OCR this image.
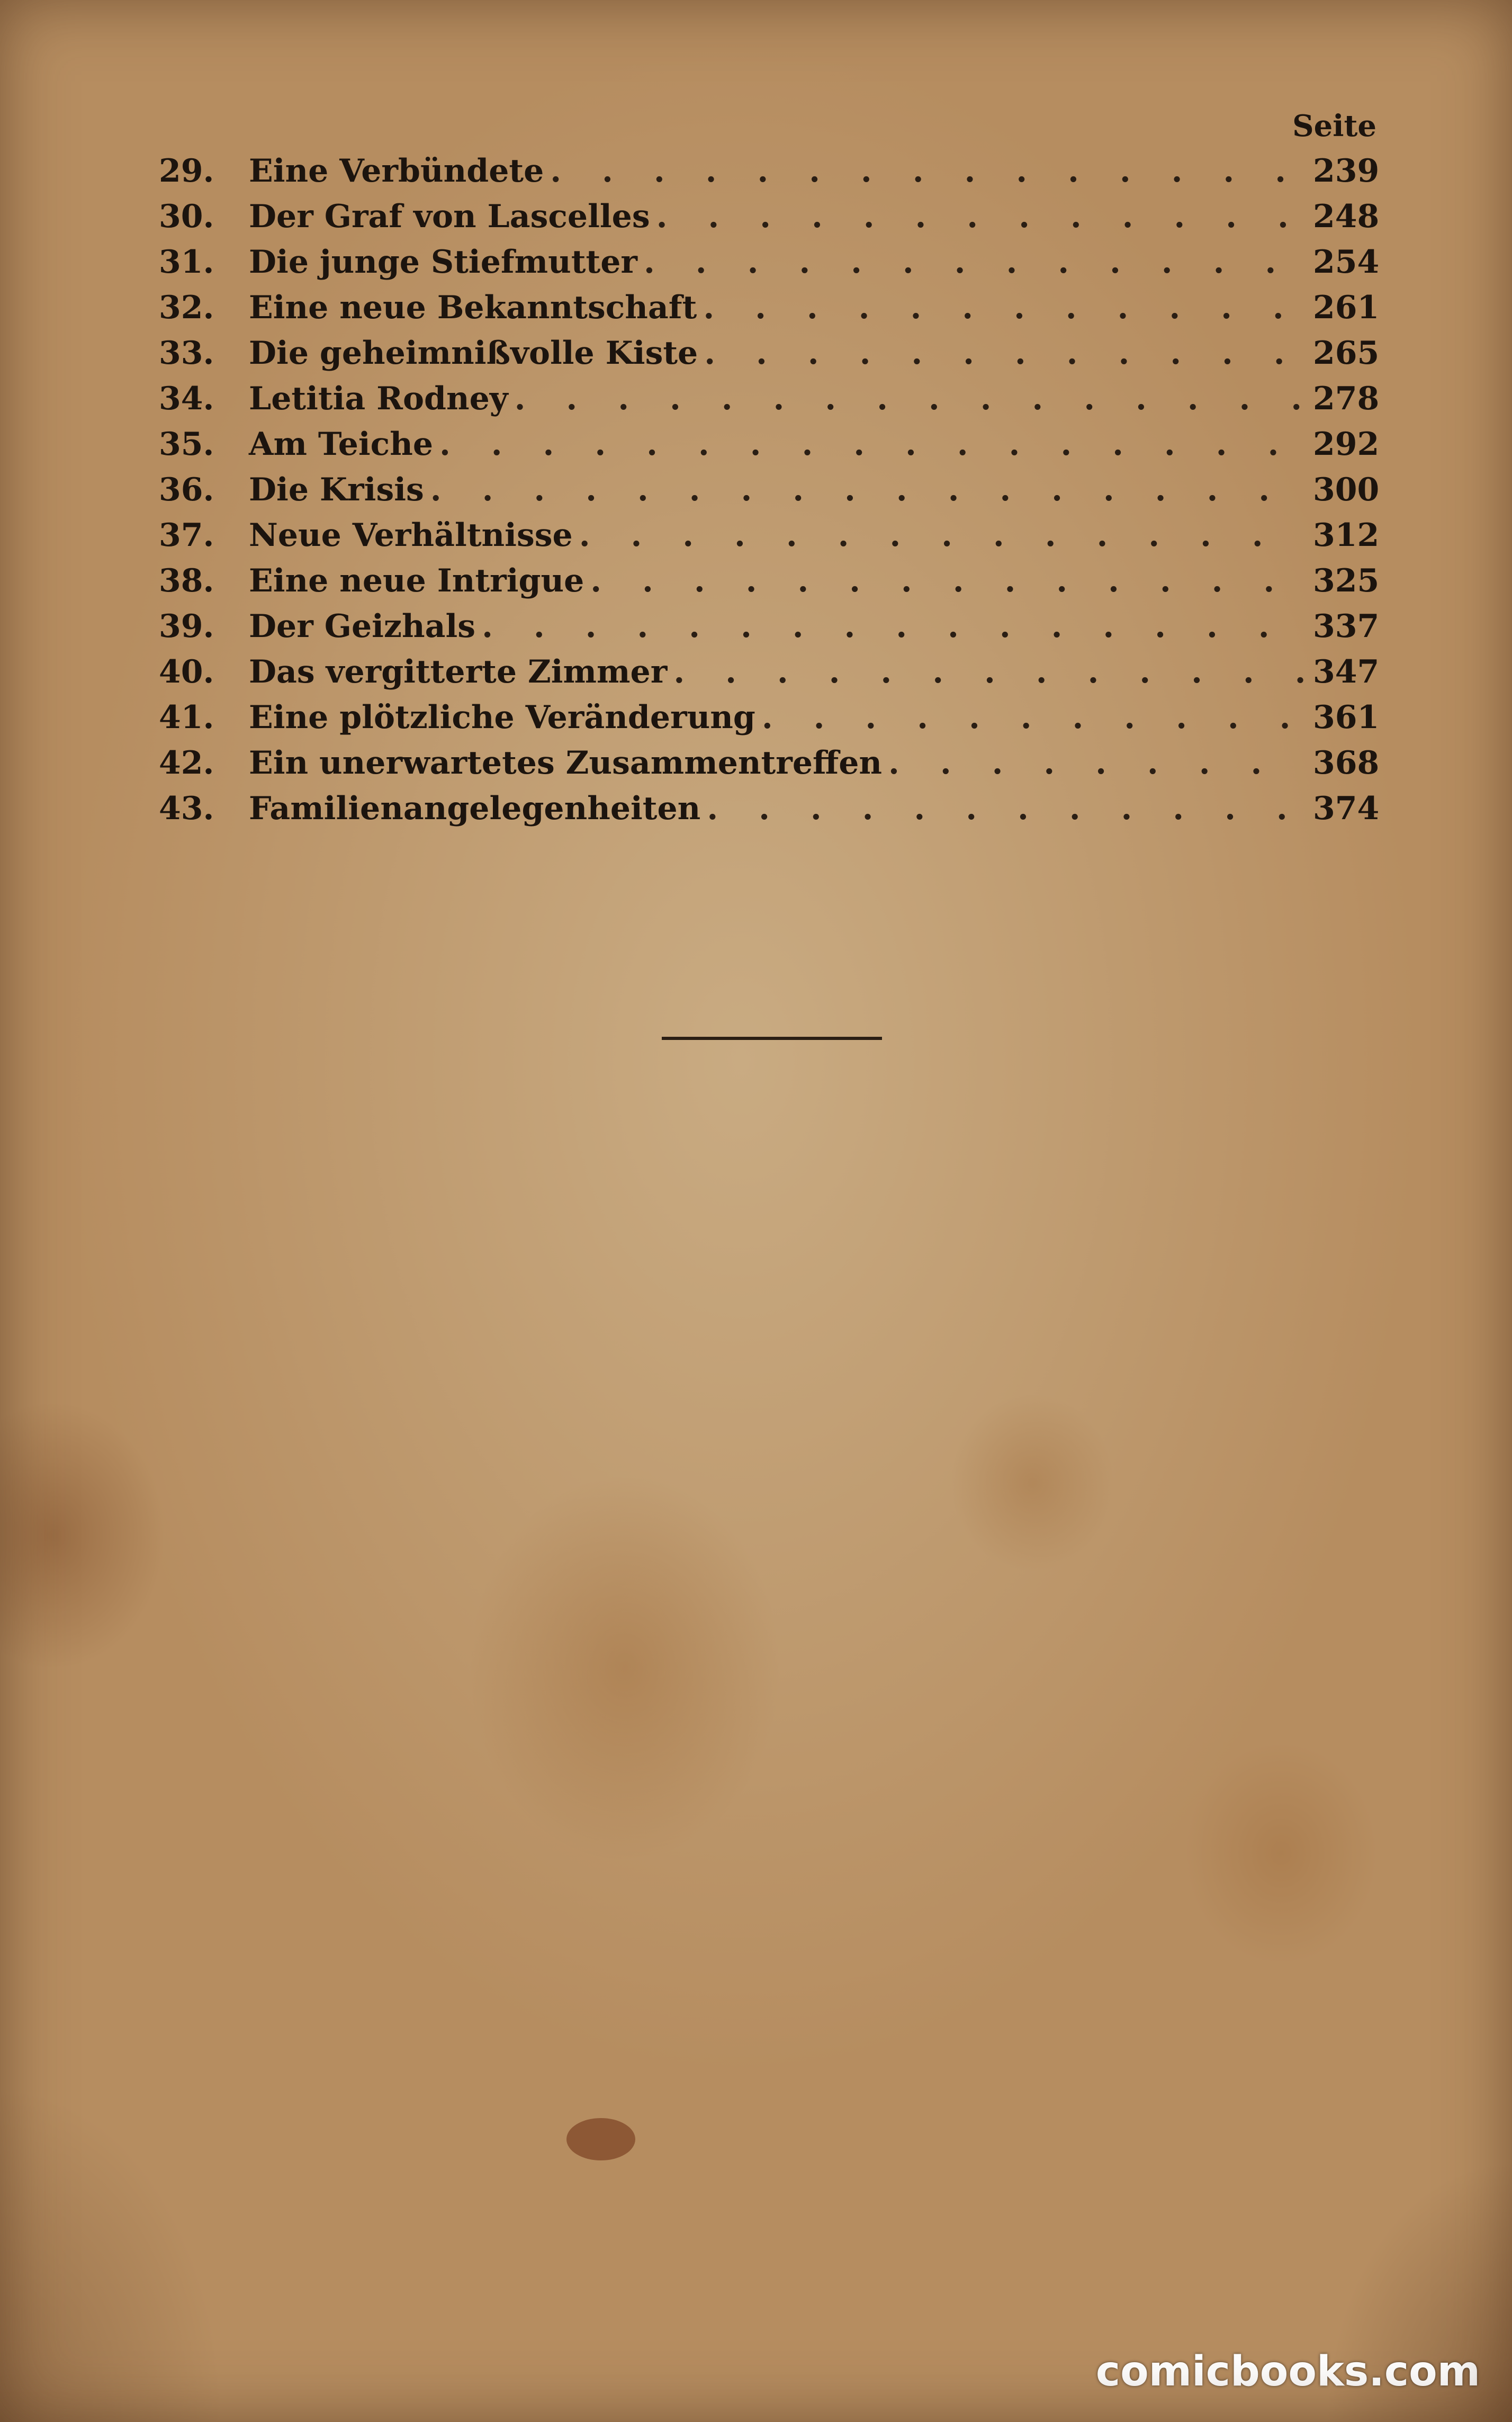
Seite
29.	Eine Verbündete . . .	239
30.	Der Graf von Lascelles . . .	248
31.	Die junge Stiefmutter . . .	254
32.	Eine neue Bekanntschaft . . .	261
33.	Die geheimnißvolle Kiste . . .	265
34.	Letitia Rodney . . .	278
35.	Am Teiche . . .	292
36.	Die Krisis . . .	300
37.	Neue Verhältnisse . . .	312
38.	Eine neue Intrigue . . .	325
39.	Der Geizhals . . .	337
40.	Das vergitterte Zimmer . . .	347
41.	Eine plötzliche Veränderung . . .	361
42.	Ein unerwartetes Zusammentreffen . . .	368
43.	Familienangelegenheiten . . .	374
comicbooks.com
